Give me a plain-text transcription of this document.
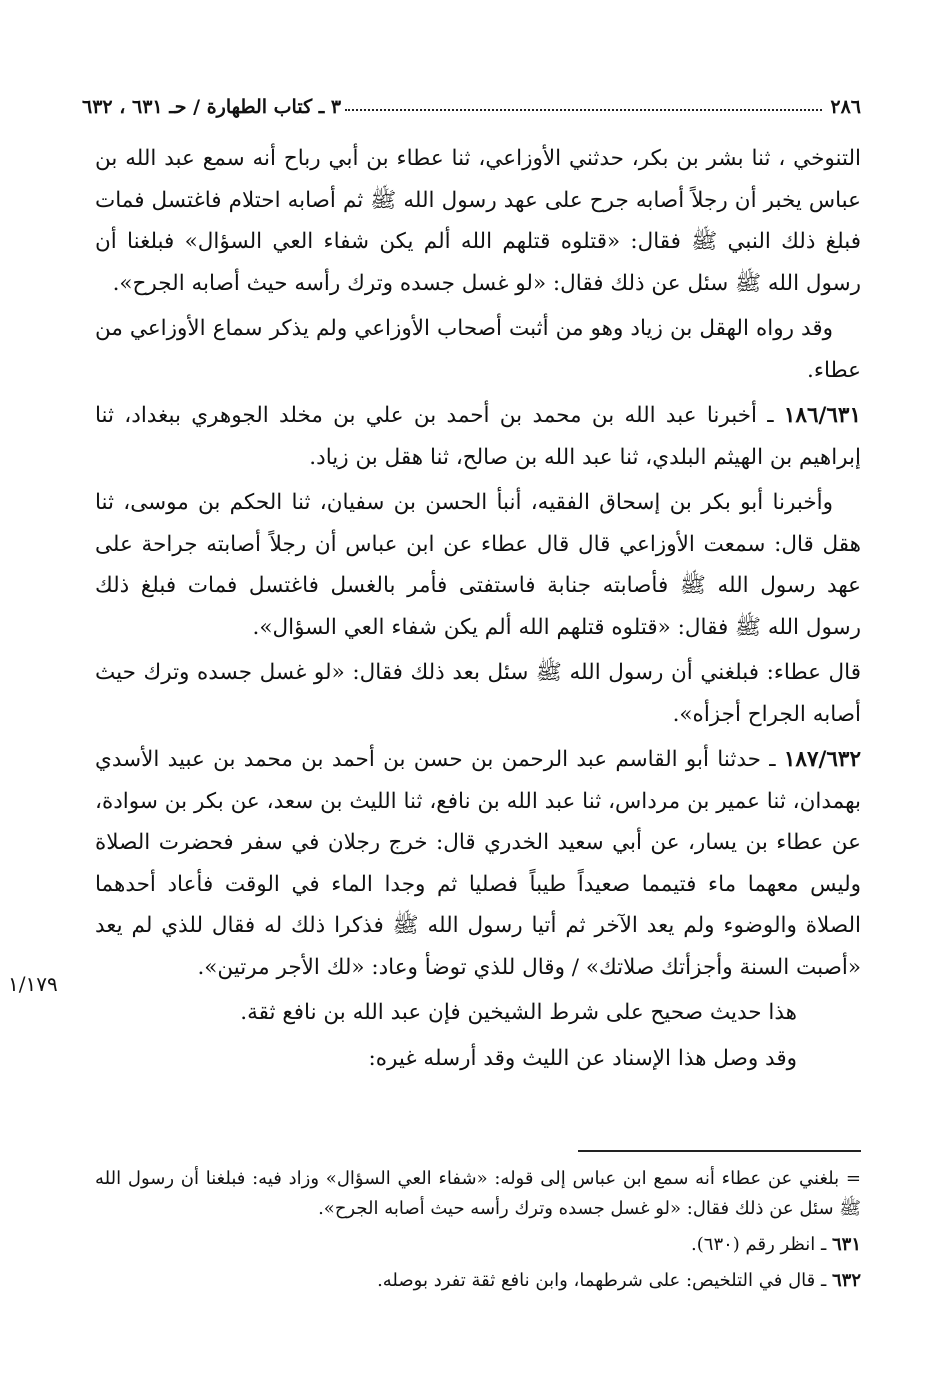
٢٨٦
٣ ـ كتاب الطهارة / حـ ٦٣١ ، ٦٣٢

التنوخي ، ثنا بشر بن بكر، حدثني الأوزاعي، ثنا عطاء بن أبي رباح أنه سمع عبد الله بن عباس يخبر أن رجلاً أصابه جرح على عهد رسول الله ﷺ ثم أصابه احتلام فاغتسل فمات فبلغ ذلك النبي ﷺ فقال: «قتلوه قتلهم الله ألم يكن شفاء العي السؤال» فبلغنا أن رسول الله ﷺ سئل عن ذلك فقال: «لو غسل جسده وترك رأسه حيث أصابه الجرح».

وقد رواه الهقل بن زياد وهو من أثبت أصحاب الأوزاعي ولم يذكر سماع الأوزاعي من عطاء.

١٨٦/٦٣١ ـ أخبرنا عبد الله بن محمد بن أحمد بن علي بن مخلد الجوهري ببغداد، ثنا إبراهيم بن الهيثم البلدي، ثنا عبد الله بن صالح، ثنا هقل بن زياد.

وأخبرنا أبو بكر بن إسحاق الفقيه، أنبأ الحسن بن سفيان، ثنا الحكم بن موسى، ثنا هقل قال: سمعت الأوزاعي قال قال عطاء عن ابن عباس أن رجلاً أصابته جراحة على عهد رسول الله ﷺ فأصابته جنابة فاستفتى فأمر بالغسل فاغتسل فمات فبلغ ذلك رسول الله ﷺ فقال: «قتلوه قتلهم الله ألم يكن شفاء العي السؤال».

قال عطاء: فبلغني أن رسول الله ﷺ سئل بعد ذلك فقال: «لو غسل جسده وترك حيث أصابه الجراح أجزأه».

١٨٧/٦٣٢ ـ حدثنا أبو القاسم عبد الرحمن بن حسن بن أحمد بن محمد بن عبيد الأسدي بهمدان، ثنا عمير بن مرداس، ثنا عبد الله بن نافع، ثنا الليث بن سعد، عن بكر بن سوادة، عن عطاء بن يسار، عن أبي سعيد الخدري قال: خرج رجلان في سفر فحضرت الصلاة وليس معهما ماء فتيمما صعيداً طيباً فصليا ثم وجدا الماء في الوقت فأعاد أحدهما الصلاة والوضوء ولم يعد الآخر ثم أتيا رسول الله ﷺ فذكرا ذلك له فقال للذي لم يعد «أصبت السنة وأجزأتك صلاتك» / وقال للذي توضأ وعاد: «لك الأجر مرتين».

هذا حديث صحيح على شرط الشيخين فإن عبد الله بن نافع ثقة.

وقد وصل هذا الإسناد عن الليث وقد أرسله غيره:

١/١٧٩

= بلغني عن عطاء أنه سمع ابن عباس إلى قوله: «شفاء العي السؤال» وزاد فيه: فبلغنا أن رسول الله ﷺ سئل عن ذلك فقال: «لو غسل جسده وترك رأسه حيث أصابه الجرح».

٦٣١ ـ انظر رقم (٦٣٠).

٦٣٢ ـ قال في التلخيص: على شرطهما، وابن نافع ثقة تفرد بوصله.
